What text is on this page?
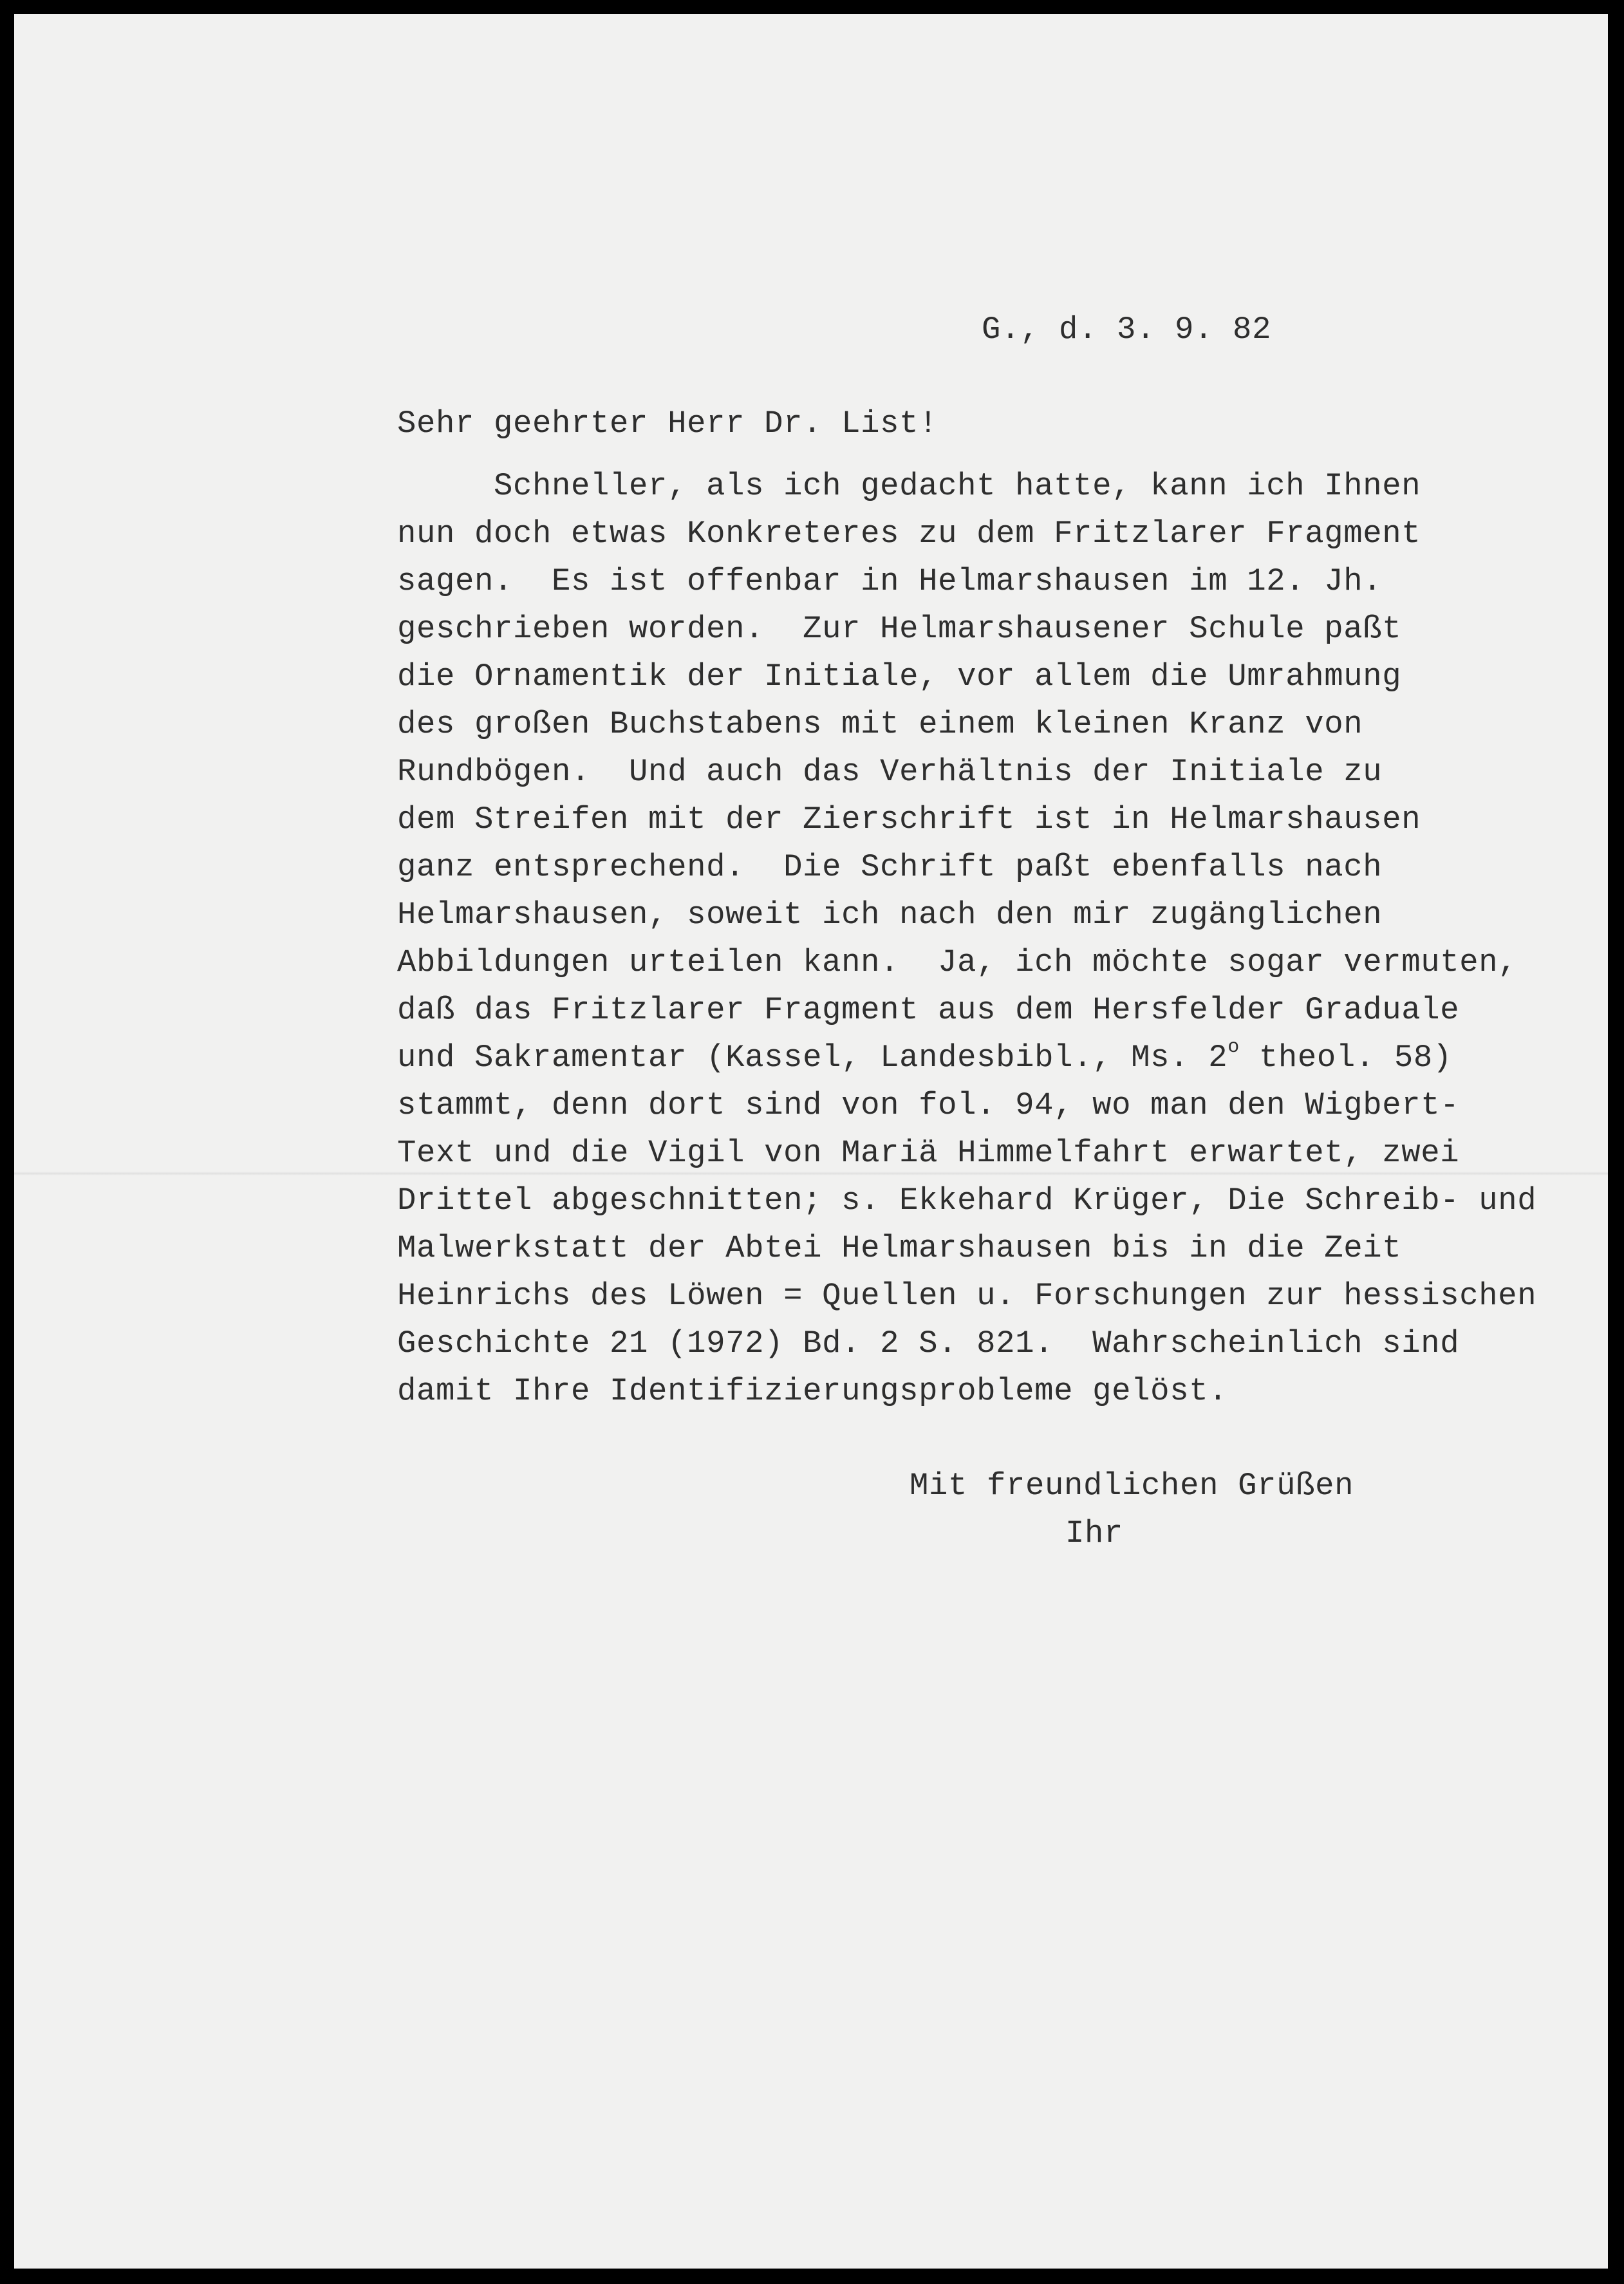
G., d. 3. 9. 82

Sehr geehrter Herr Dr. List!

Schneller, als ich gedacht hatte, kann ich Ihnen

nun doch etwas Konkreteres zu dem Fritzlarer Fragment

sagen.  Es ist offenbar in Helmarshausen im 12. Jh.

geschrieben worden.  Zur Helmarshausener Schule paßt

die Ornamentik der Initiale, vor allem die Umrahmung

des großen Buchstabens mit einem kleinen Kranz von

Rundbögen.  Und auch das Verhältnis der Initiale zu

dem Streifen mit der Zierschrift ist in Helmarshausen

ganz entsprechend.  Die Schrift paßt ebenfalls nach

Helmarshausen, soweit ich nach den mir zugänglichen

Abbildungen urteilen kann.  Ja, ich möchte sogar vermuten,

daß das Fritzlarer Fragment aus dem Hersfelder Graduale

und Sakramentar (Kassel, Landesbibl., Ms. 2$^o$ theol. 58)

stammt, denn dort sind von fol. 94, wo man den Wigbert-

Text und die Vigil von Mariä Himmelfahrt erwartet, zwei

Drittel abgeschnitten; s. Ekkehard Krüger, Die Schreib- und

Malwerkstatt der Abtei Helmarshausen bis in die Zeit

Heinrichs des Löwen = Quellen u. Forschungen zur hessischen

Geschichte 21 (1972) Bd. 2 S. 821.  Wahrscheinlich sind

damit Ihre Identifizierungsprobleme gelöst.

Mit freundlichen Grüßen

Ihr
